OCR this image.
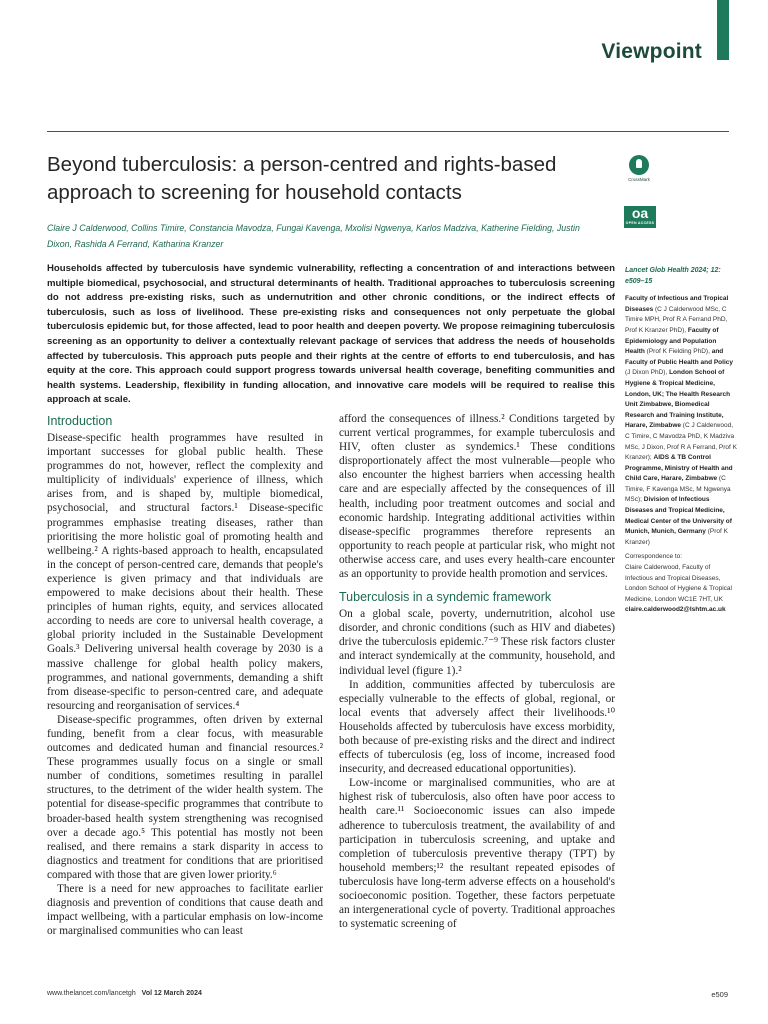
Viewpoint
Beyond tuberculosis: a person-centred and rights-based approach to screening for household contacts
CrossMark
oa
OPEN ACCESS

Claire J Calderwood, Collins Timire, Constancia Mavodza, Fungai Kavenga, Mxolisi Ngwenya, Karlos Madziva, Katherine Fielding, Justin Dixon, Rashida A Ferrand, Katharina Kranzer

Households affected by tuberculosis have syndemic vulnerability, reflecting a concentration of and interactions between multiple biomedical, psychosocial, and structural determinants of health. Traditional approaches to tuberculosis screening do not address pre-existing risks, such as undernutrition and other chronic conditions, or the indirect effects of tuberculosis, such as loss of livelihood. These pre-existing risks and consequences not only perpetuate the global tuberculosis epidemic but, for those affected, lead to poor health and deepen poverty. We propose reimagining tuberculosis screening as an opportunity to deliver a contextually relevant package of services that address the needs of households affected by tuberculosis. This approach puts people and their rights at the centre of efforts to end tuberculosis, and has equity at the core. This approach could support progress towards universal health coverage, benefiting communities and health systems. Leadership, flexibility in funding allocation, and innovative care models will be required to realise this approach at scale.

Introduction

Disease-specific health programmes have resulted in important successes for global public health. These programmes do not, however, reflect the complexity and multiplicity of individuals' experience of illness, which arises from, and is shaped by, multiple biomedical, psychosocial, and structural factors.¹ Disease-specific programmes emphasise treating diseases, rather than prioritising the more holistic goal of promoting health and wellbeing.² A rights-based approach to health, encapsulated in the concept of person-centred care, demands that people's experience is given primacy and that individuals are empowered to make decisions about their health. These principles of human rights, equity, and services allocated according to needs are core to universal health coverage, a global priority included in the Sustainable Development Goals.³ Delivering universal health coverage by 2030 is a massive challenge for global health policy makers, programmes, and national governments, demanding a shift from disease-specific to person-centred care, and adequate resourcing and reorganisation of services.⁴

Disease-specific programmes, often driven by external funding, benefit from a clear focus, with measurable outcomes and dedicated human and financial resources.² These programmes usually focus on a single or small number of conditions, sometimes resulting in parallel structures, to the detriment of the wider health system. The potential for disease-specific programmes that contribute to broader-based health system strengthening was recognised over a decade ago.⁵ This potential has mostly not been realised, and there remains a stark disparity in access to diagnostics and treatment for conditions that are prioritised compared with those that are given lower priority.⁶

There is a need for new approaches to facilitate earlier diagnosis and prevention of conditions that cause death and impact wellbeing, with a particular emphasis on low-income or marginalised communities who can least

afford the consequences of illness.² Conditions targeted by current vertical programmes, for example tuberculosis and HIV, often cluster as syndemics.¹ These conditions disproportionately affect the most vulnerable—people who also encounter the highest barriers when accessing health care and are especially affected by the consequences of ill health, including poor treatment outcomes and social and economic hardship. Integrating additional activities within disease-specific programmes therefore represents an opportunity to reach people at particular risk, who might not otherwise access care, and uses every health-care encounter as an opportunity to provide health promotion and services.

Tuberculosis in a syndemic framework

On a global scale, poverty, undernutrition, alcohol use disorder, and chronic conditions (such as HIV and diabetes) drive the tuberculosis epidemic.⁷⁻⁹ These risk factors cluster and interact syndemically at the community, household, and individual level (figure 1).²

In addition, communities affected by tuberculosis are especially vulnerable to the effects of global, regional, or local events that adversely affect their livelihoods.¹⁰ Households affected by tuberculosis have excess morbidity, both because of pre-existing risks and the direct and indirect effects of tuberculosis (eg, loss of income, increased food insecurity, and decreased educational opportunities).

Low-income or marginalised communities, who are at highest risk of tuberculosis, also often have poor access to health care.¹¹ Socioeconomic issues can also impede adherence to tuberculosis treatment, the availability of and participation in tuberculosis screening, and uptake and completion of tuberculosis preventive therapy (TPT) by household members;¹² the resultant repeated episodes of tuberculosis have long-term adverse effects on a household's socioeconomic position. Together, these factors perpetuate an intergenerational cycle of poverty. Traditional approaches to systematic screening of

Lancet Glob Health 2024; 12: e509–15

Faculty of Infectious and Tropical Diseases (C J Calderwood MSc, C Timire MPH, Prof R A Ferrand PhD, Prof K Kranzer PhD), Faculty of Epidemiology and Population Health (Prof K Fielding PhD), and Faculty of Public Health and Policy (J Dixon PhD), London School of Hygiene & Tropical Medicine, London, UK; The Health Research Unit Zimbabwe, Biomedical Research and Training Institute, Harare, Zimbabwe (C J Calderwood, C Timire, C Mavodza PhD, K Madziva MSc, J Dixon, Prof R A Ferrand, Prof K Kranzer); AIDS & TB Control Programme, Ministry of Health and Child Care, Harare, Zimbabwe (C Timire, F Kavenga MSc, M Ngwenya MSc); Division of Infectious Diseases and Tropical Medicine, Medical Center of the University of Munich, Munich, Germany (Prof K Kranzer)

Correspondence to:

Claire Calderwood, Faculty of Infectious and Tropical Diseases, London School of Hygiene & Tropical Medicine, London WC1E 7HT, UK

claire.calderwood2@lshtm.ac.uk

www.thelancet.com/lancetgh Vol 12 March 2024	e509
